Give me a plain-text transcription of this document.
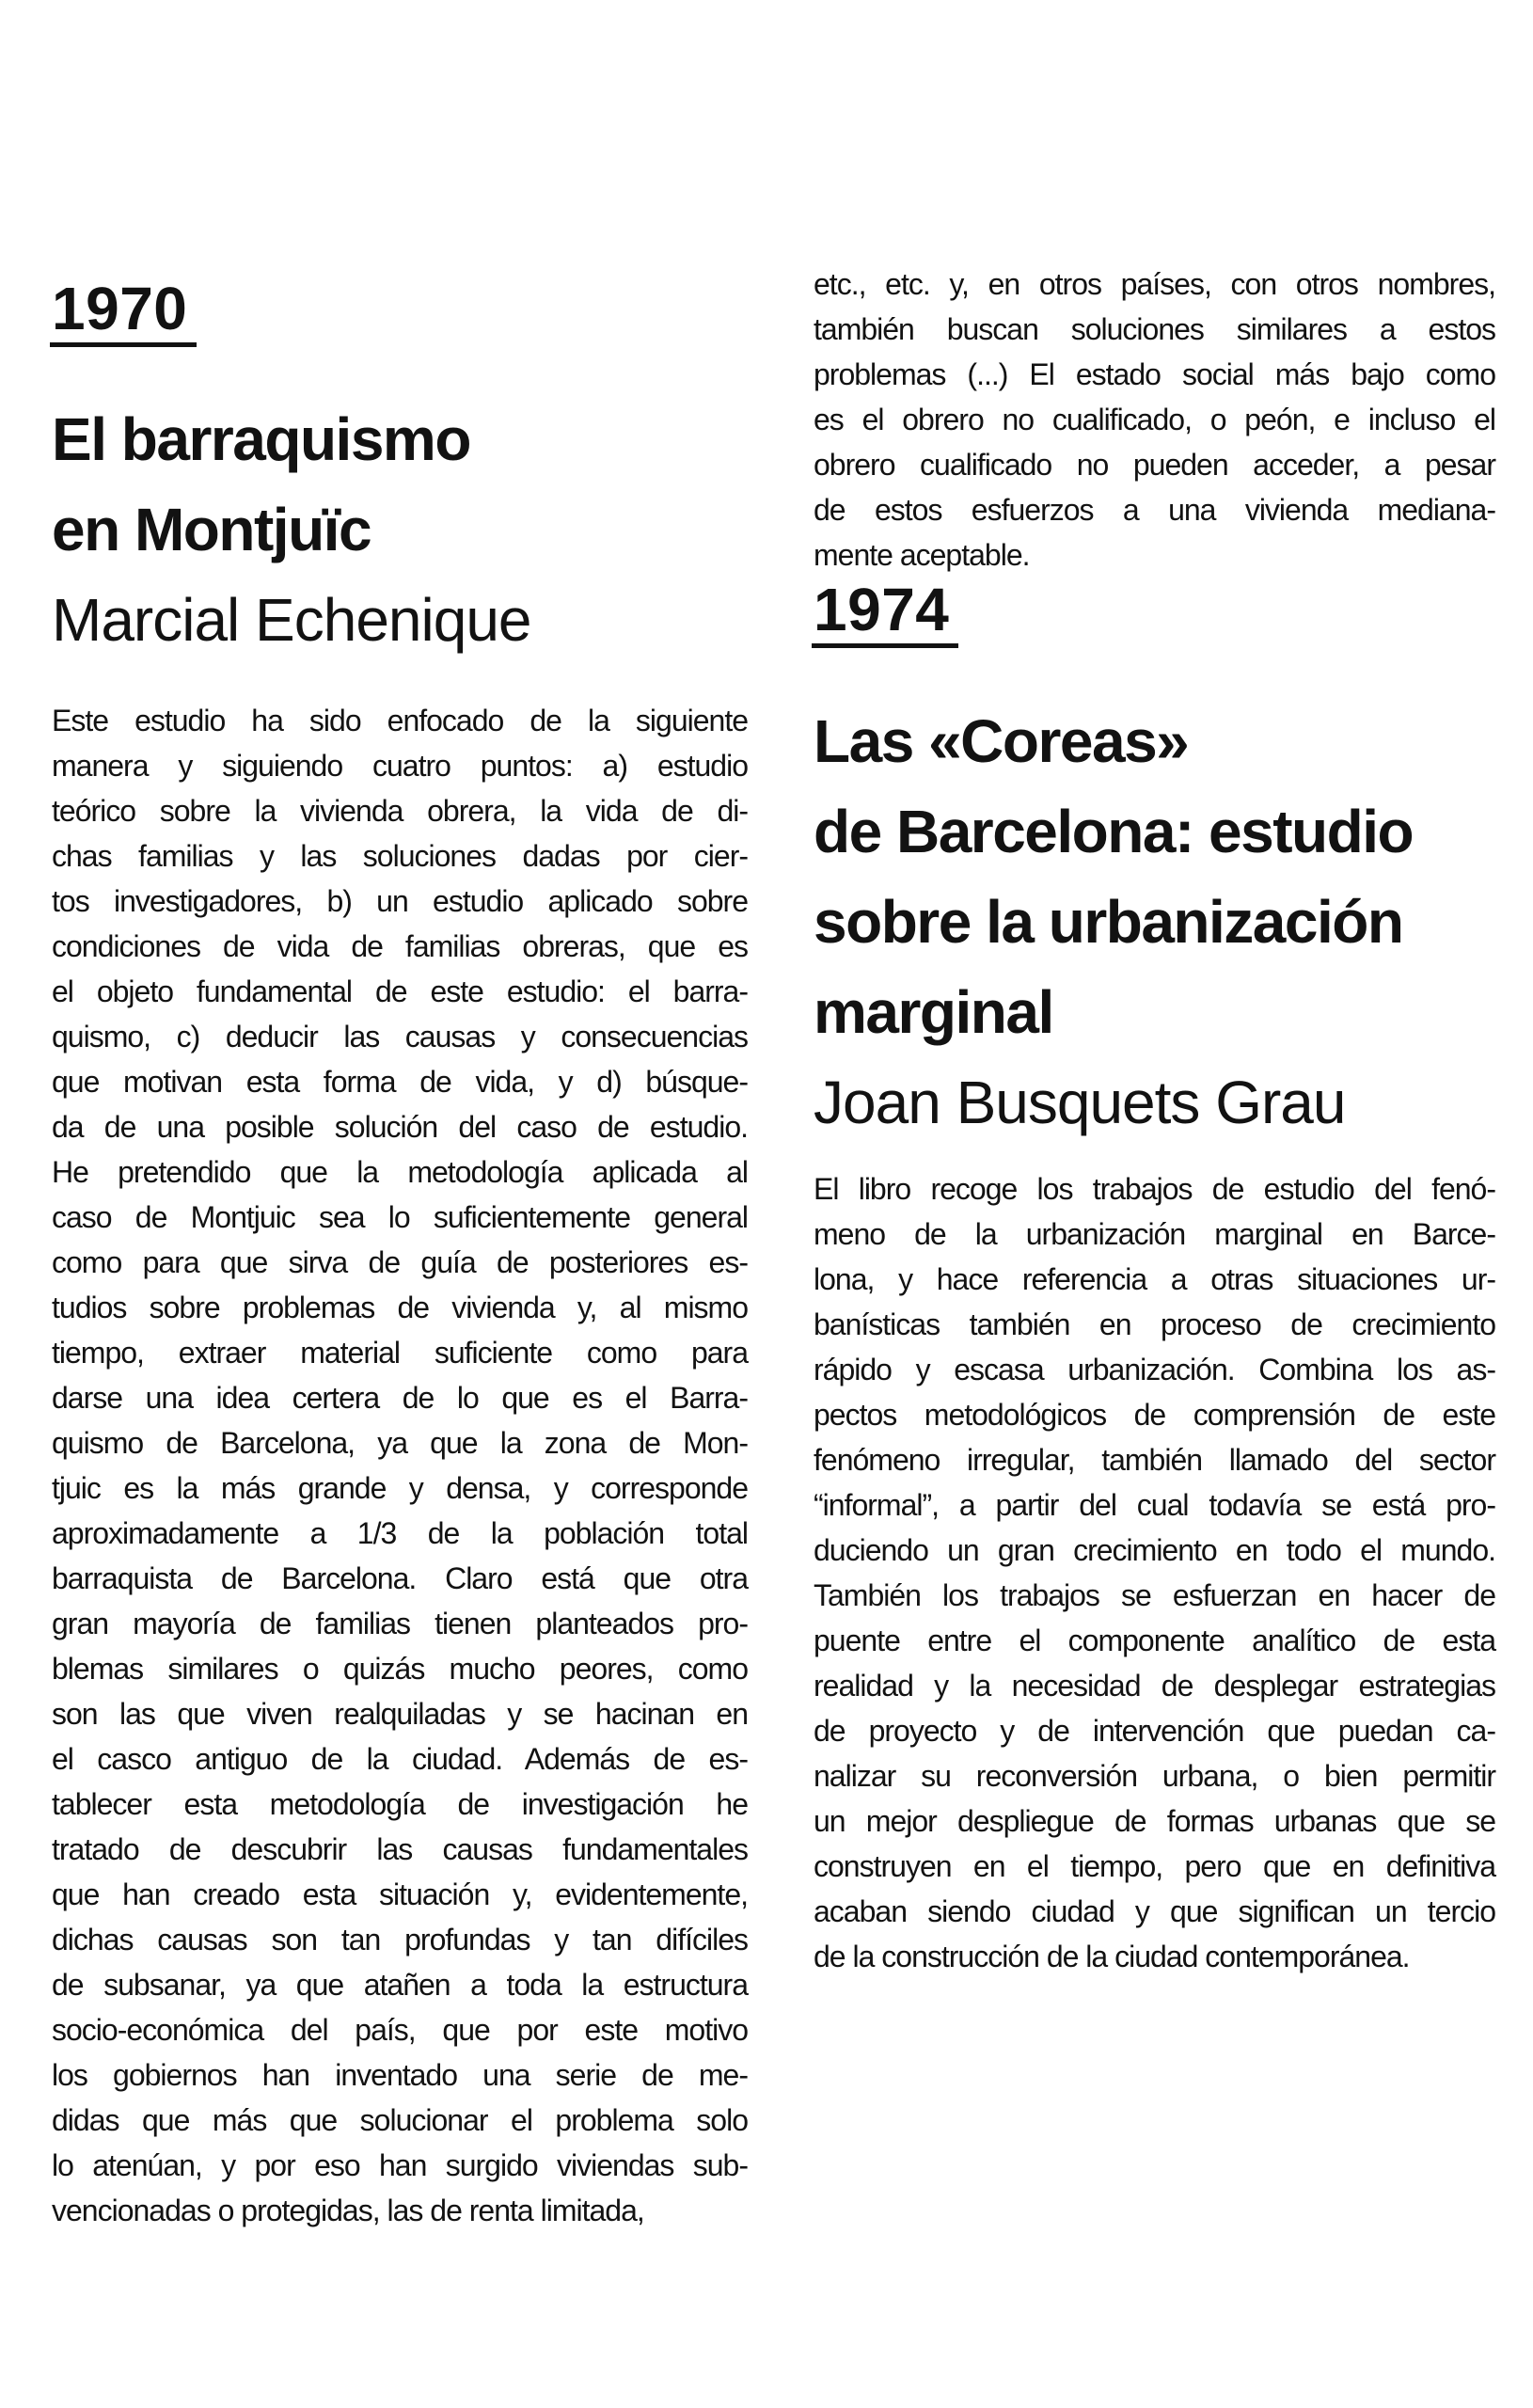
1970
El barraquismo
en Montjuïc
Marcial Echenique
Este estudio ha sido enfocado de la siguiente
manera y siguiendo cuatro puntos: a) estudio
teórico sobre la vivienda obrera, la vida de di-
chas familias y las soluciones dadas por cier-
tos investigadores, b) un estudio aplicado sobre
condiciones de vida de familias obreras, que es
el objeto fundamental de este estudio: el barra-
quismo, c) deducir las causas y consecuencias
que motivan esta forma de vida, y d) búsque-
da de una posible solución del caso de estudio.
He pretendido que la metodología aplicada al
caso de Montjuic sea lo suficientemente general
como para que sirva de guía de posteriores es-
tudios sobre problemas de vivienda y, al mismo
tiempo, extraer material suficiente como para
darse una idea certera de lo que es el Barra-
quismo de Barcelona, ya que la zona de Mon-
tjuic es la más grande y densa, y corresponde
aproximadamente a 1/3 de la población total
barraquista de Barcelona. Claro está que otra
gran mayoría de familias tienen planteados pro-
blemas similares o quizás mucho peores, como
son las que viven realquiladas y se hacinan en
el casco antiguo de la ciudad. Además de es-
tablecer esta metodología de investigación he
tratado de descubrir las causas fundamentales
que han creado esta situación y, evidentemente,
dichas causas son tan profundas y tan difíciles
de subsanar, ya que atañen a toda la estructura
socio-económica del país, que por este motivo
los gobiernos han inventado una serie de me-
didas que más que solucionar el problema solo
lo atenúan, y por eso han surgido viviendas sub-
vencionadas o protegidas, las de renta limitada,
etc., etc. y, en otros países, con otros nombres,
también buscan soluciones similares a estos
problemas (...) El estado social más bajo como
es el obrero no cualificado, o peón, e incluso el
obrero cualificado no pueden acceder, a pesar
de estos esfuerzos a una vivienda mediana-
mente aceptable.
1974
Las «Coreas»
de Barcelona: estudio
sobre la urbanización
marginal
Joan Busquets Grau
El libro recoge los trabajos de estudio del fenó-
meno de la urbanización marginal en Barce-
lona, y hace referencia a otras situaciones ur-
banísticas también en proceso de crecimiento
rápido y escasa urbanización. Combina los as-
pectos metodológicos de comprensión de este
fenómeno irregular, también llamado del sector
“informal”, a partir del cual todavía se está pro-
duciendo un gran crecimiento en todo el mundo.
También los trabajos se esfuerzan en hacer de
puente entre el componente analítico de esta
realidad y la necesidad de desplegar estrategias
de proyecto y de intervención que puedan ca-
nalizar su reconversión urbana, o bien permitir
un mejor despliegue de formas urbanas que se
construyen en el tiempo, pero que en definitiva
acaban siendo ciudad y que significan un tercio
de la construcción de la ciudad contemporánea.
